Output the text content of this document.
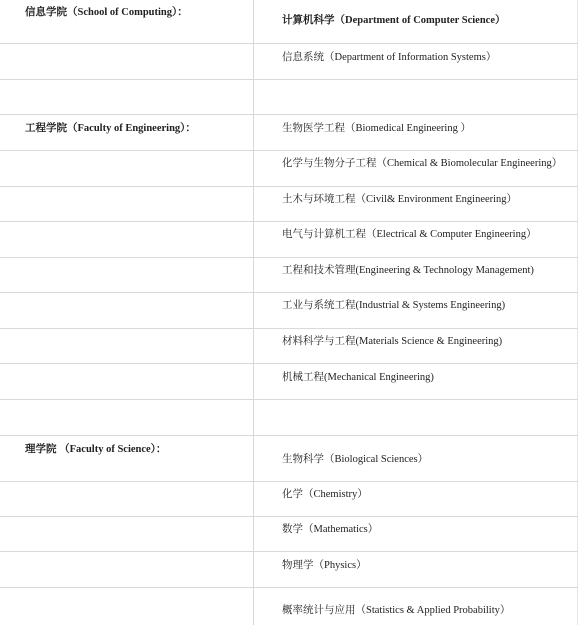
信息学院（School of Computing）：
计算机科学（Department of Computer Science）
信息系统（Department of Information Systems）
工程学院（Faculty of Engineering）：	生物医学工程（Biomedical Engineering ）
化学与生物分子工程（Chemical & Biomolecular Engineering）
土木与环境工程（Civil& Environment Engineering）
电气与计算机工程（Electrical & Computer Engineering）
工程和技术管理(Engineering & Technology Management)
工业与系统工程(Industrial & Systems Engineering)
材料科学与工程(Materials Science & Engineering)
机械工程(Mechanical Engineering)
理学院 （Faculty of Science）：
生物科学（Biological Sciences）
化学（Chemistry）
数学（Mathematics）
物理学（Physics）
概率统计与应用（Statistics & Applied Probability）
